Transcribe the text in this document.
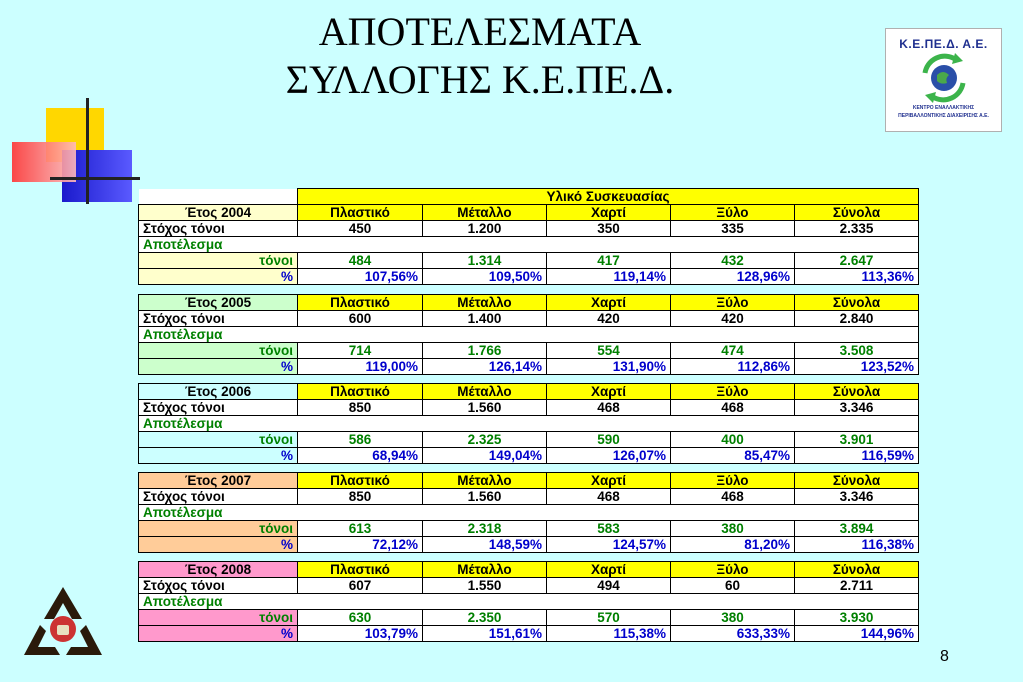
ΑΠΟΤΕΛΕΣΜΑΤΑ
ΣΥΛΛΟΓΗΣ Κ.Ε.ΠΕ.Δ.
Κ.Ε.ΠΕ.Δ. Α.Ε.
ΚΕΝΤΡΟ ΕΝΑΛΛΑΚΤΙΚΗΣ
ΠΕΡΙΒΑΛΛΟΝΤΙΚΗΣ ΔΙΑΧΕΙΡΙΣΗΣ Α.Ε.
	Υλικό Συσκευασίας				
Έτος 2004	Πλαστικό	Μέταλλο	Χαρτί	Ξύλο	Σύνολα
Στόχος τόνοι	450	1.200	350	335	2.335
Αποτέλεσμα					
τόνοι	484	1.314	417	432	2.647
%	107,56%	109,50%	119,14%	128,96%	113,36%
Έτος 2005	Πλαστικό	Μέταλλο	Χαρτί	Ξύλο	Σύνολα
Στόχος τόνοι	600	1.400	420	420	2.840
Αποτέλεσμα					
τόνοι	714	1.766	554	474	3.508
%	119,00%	126,14%	131,90%	112,86%	123,52%
Έτος 2006	Πλαστικό	Μέταλλο	Χαρτί	Ξύλο	Σύνολα
Στόχος τόνοι	850	1.560	468	468	3.346
Αποτέλεσμα					
τόνοι	586	2.325	590	400	3.901
%	68,94%	149,04%	126,07%	85,47%	116,59%
Έτος 2007	Πλαστικό	Μέταλλο	Χαρτί	Ξύλο	Σύνολα
Στόχος τόνοι	850	1.560	468	468	3.346
Αποτέλεσμα					
τόνοι	613	2.318	583	380	3.894
%	72,12%	148,59%	124,57%	81,20%	116,38%
Έτος 2008	Πλαστικό	Μέταλλο	Χαρτί	Ξύλο	Σύνολα
Στόχος τόνοι	607	1.550	494	60	2.711
Αποτέλεσμα					
τόνοι	630	2.350	570	380	3.930
%	103,79%	151,61%	115,38%	633,33%	144,96%
8
